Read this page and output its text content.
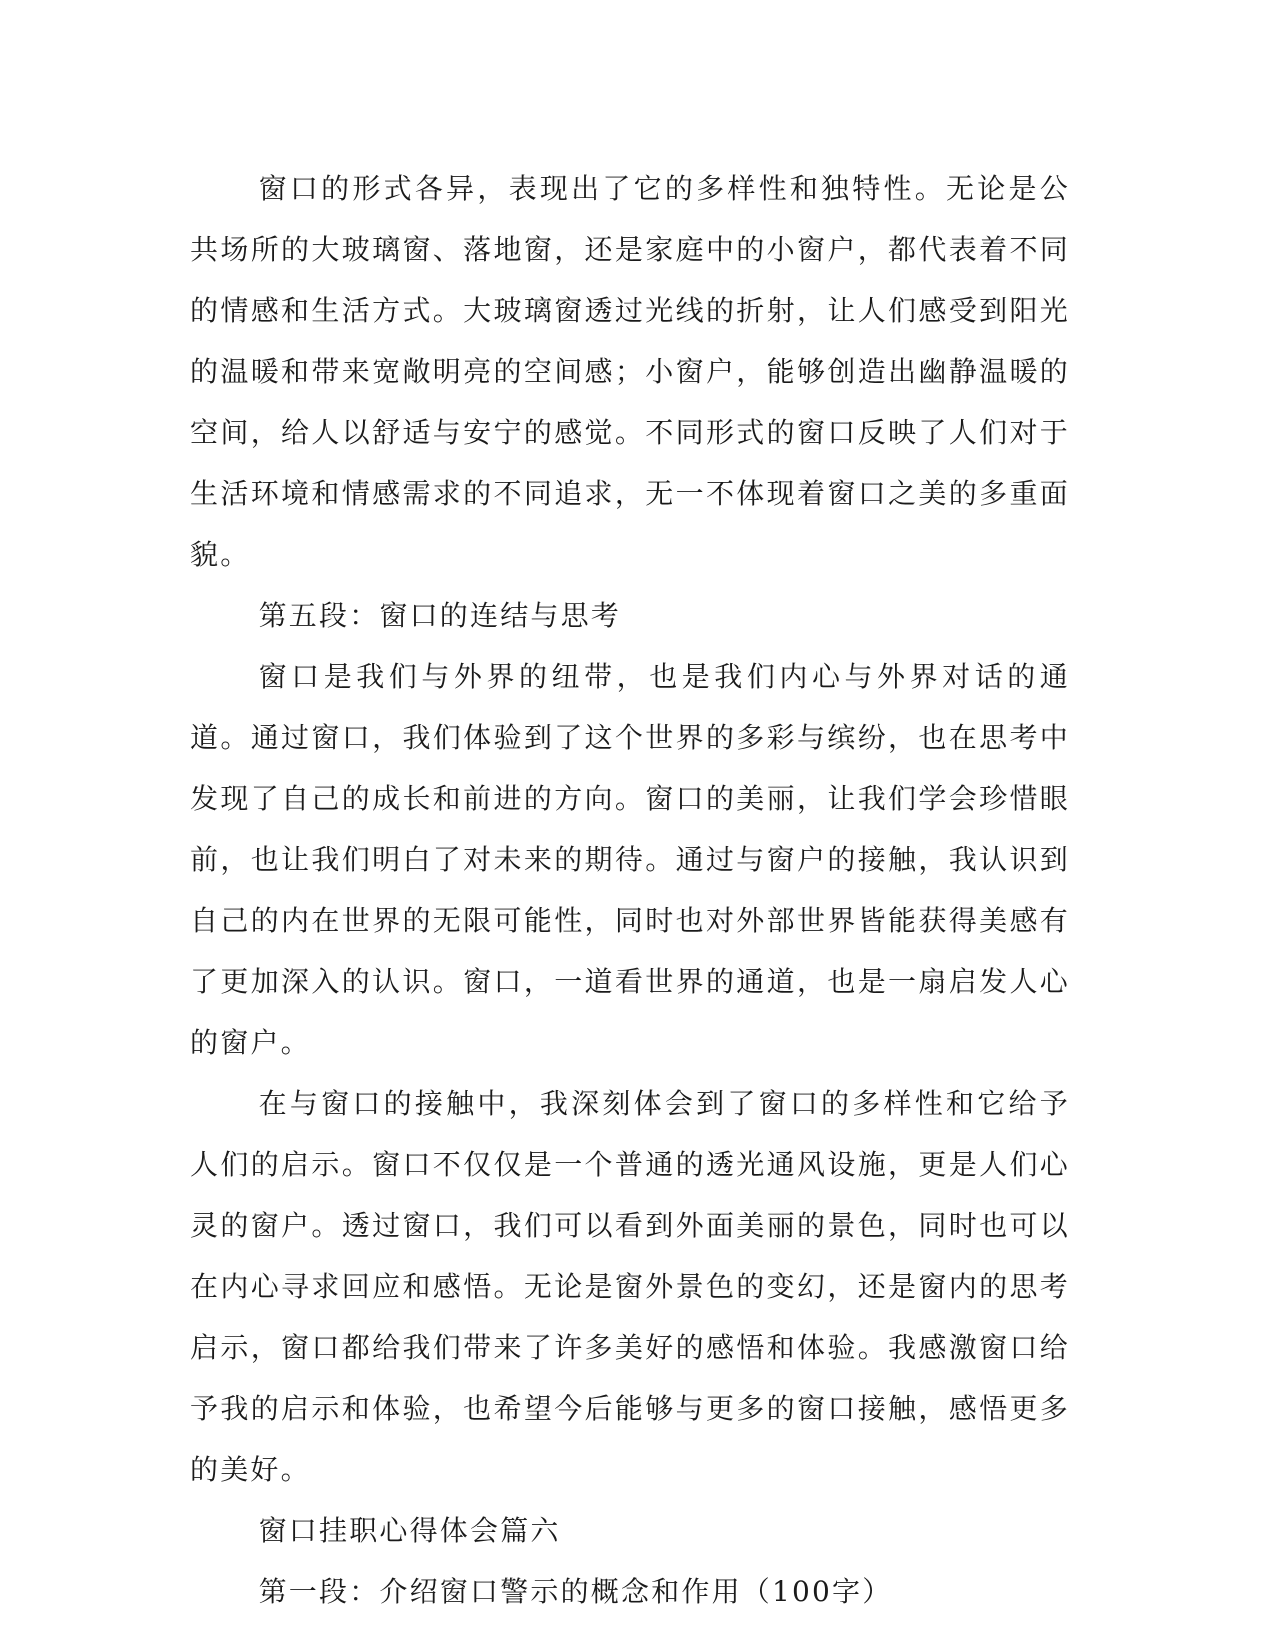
窗口的形式各异，表现出了它的多样性和独特性。无论是公共场所的大玻璃窗、落地窗，还是家庭中的小窗户，都代表着不同的情感和生活方式。大玻璃窗透过光线的折射，让人们感受到阳光的温暖和带来宽敞明亮的空间感；小窗户，能够创造出幽静温暖的空间，给人以舒适与安宁的感觉。不同形式的窗口反映了人们对于生活环境和情感需求的不同追求，无一不体现着窗口之美的多重面貌。

第五段：窗口的连结与思考

窗口是我们与外界的纽带，也是我们内心与外界对话的通道。通过窗口，我们体验到了这个世界的多彩与缤纷，也在思考中发现了自己的成长和前进的方向。窗口的美丽，让我们学会珍惜眼前，也让我们明白了对未来的期待。通过与窗户的接触，我认识到自己的内在世界的无限可能性，同时也对外部世界皆能获得美感有了更加深入的认识。窗口，一道看世界的通道，也是一扇启发人心的窗户。

在与窗口的接触中，我深刻体会到了窗口的多样性和它给予人们的启示。窗口不仅仅是一个普通的透光通风设施，更是人们心灵的窗户。透过窗口，我们可以看到外面美丽的景色，同时也可以在内心寻求回应和感悟。无论是窗外景色的变幻，还是窗内的思考启示，窗口都给我们带来了许多美好的感悟和体验。我感激窗口给予我的启示和体验，也希望今后能够与更多的窗口接触，感悟更多的美好。

窗口挂职心得体会篇六

第一段：介绍窗口警示的概念和作用（100字）
